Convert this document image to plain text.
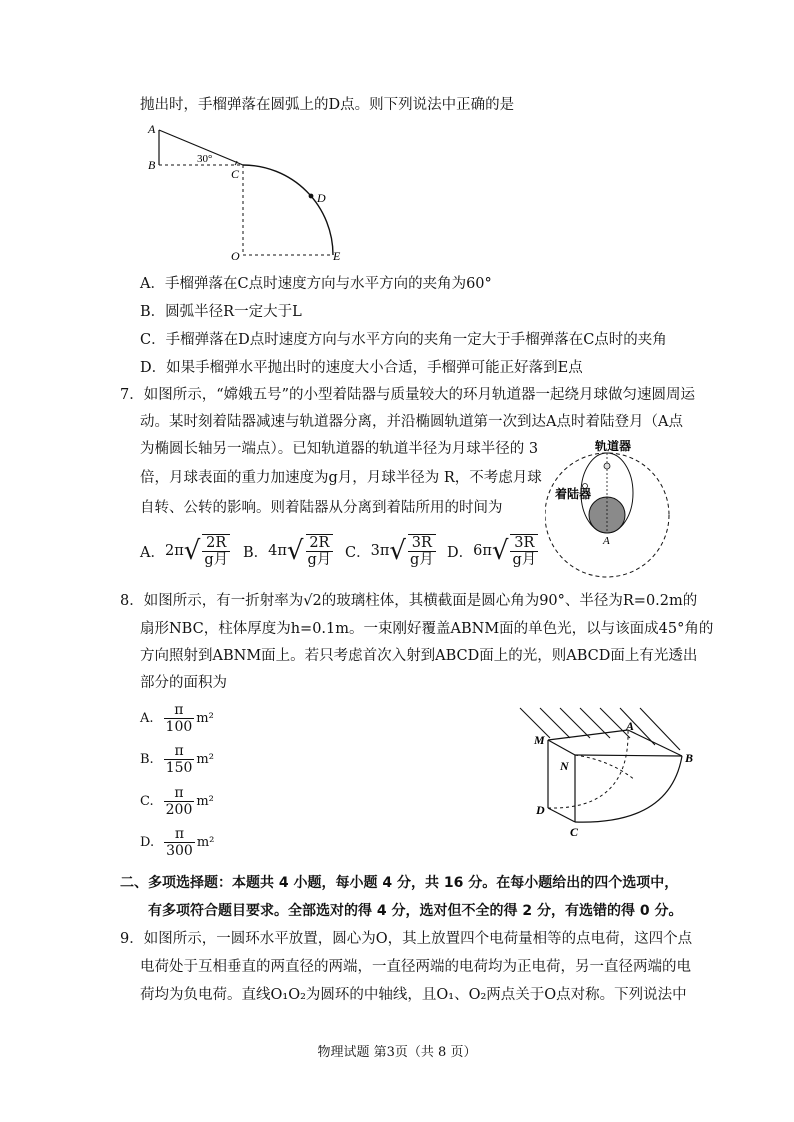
抛出时，手榴弹落在圆弧上的D点。则下列说法中正确的是
A
B	30°
C
D
O	E
A．手榴弹落在C点时速度方向与水平方向的夹角为60°
B．圆弧半径R一定大于L
C．手榴弹落在D点时速度方向与水平方向的夹角一定大于手榴弹落在C点时的夹角
D．如果手榴弹水平抛出时的速度大小合适，手榴弹可能正好落到E点
7．如图所示，“嫦娥五号”的小型着陆器与质量较大的环月轨道器一起绕月球做匀速圆周运
动。某时刻着陆器减速与轨道器分离，并沿椭圆轨道第一次到达A点时着陆登月（A点
为椭圆长轴另一端点）。已知轨道器的轨道半径为月球半径的 3
倍，月球表面的重力加速度为g月，月球半径为 R，不考虑月球
自转、公转的影响。则着陆器从分离到着陆所用的时间为
轨道器
着陆器
A
A． 2π √ $\frac{2R}{\text{g月}}$ B． 4π √ $\frac{2R}{\text{g月}}$ C． 3π √ $\frac{3R}{\text{g月}}$ D． 6π √ $\frac{3R}{\text{g月}}$
8．如图所示，有一折射率为√2的玻璃柱体，其横截面是圆心角为90°、半径为R=0.2m的
扇形NBC，柱体厚度为h=0.1m。一束刚好覆盖ABNM面的单色光，以与该面成45°角的
方向照射到ABNM面上。若只考虑首次入射到ABCD面上的光，则ABCD面上有光透出
部分的面积为
M
A
B
N
D
C
A. $\frac{\pi}{100} m^2$
B. $\frac{\pi}{150} m^2$
C. $\frac{\pi}{200} m^2$
D. $\frac{\pi}{300} m^2$
二、多项选择题：本题共 4 小题，每小题 4 分，共 16 分。在每小题给出的四个选项中，
有多项符合题目要求。全部选对的得 4 分，选对但不全的得 2 分，有选错的得 0 分。
9．如图所示，一圆环水平放置，圆心为O，其上放置四个电荷量相等的点电荷，这四个点
电荷处于互相垂直的两直径的两端，一直径两端的电荷均为正电荷，另一直径两端的电
荷均为负电荷。直线O₁O₂为圆环的中轴线，且O₁、O₂两点关于O点对称。下列说法中
物理试题 第3页（共 8 页）
